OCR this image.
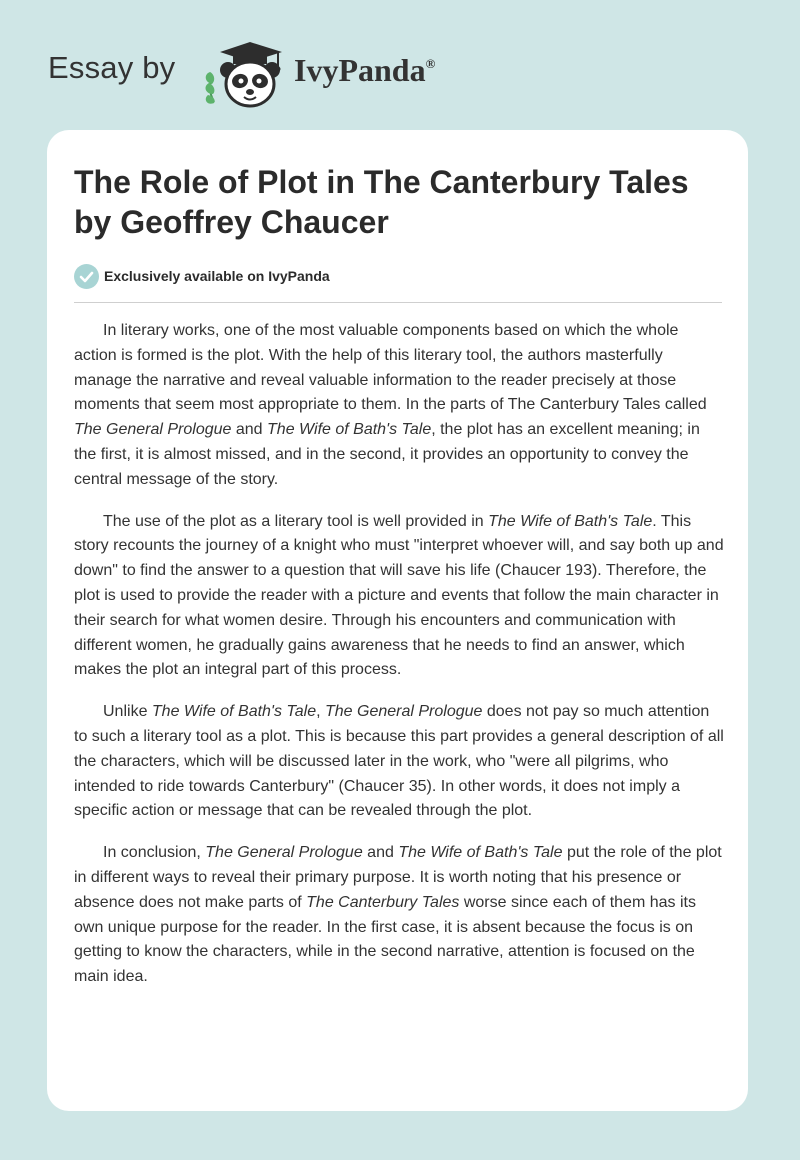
Essay by	IvyPanda®
The Role of Plot in The Canterbury Tales by Geoffrey Chaucer
Exclusively available on IvyPanda

In literary works, one of the most valuable components based on which the whole action is formed is the plot. With the help of this literary tool, the authors masterfully manage the narrative and reveal valuable information to the reader precisely at those moments that seem most appropriate to them. In the parts of The Canterbury Tales called The General Prologue and The Wife of Bath's Tale, the plot has an excellent meaning; in the first, it is almost missed, and in the second, it provides an opportunity to convey the central message of the story.

The use of the plot as a literary tool is well provided in The Wife of Bath's Tale. This story recounts the journey of a knight who must "interpret whoever will, and say both up and down" to find the answer to a question that will save his life (Chaucer 193). Therefore, the plot is used to provide the reader with a picture and events that follow the main character in their search for what women desire. Through his encounters and communication with different women, he gradually gains awareness that he needs to find an answer, which makes the plot an integral part of this process.

Unlike The Wife of Bath's Tale, The General Prologue does not pay so much attention to such a literary tool as a plot. This is because this part provides a general description of all the characters, which will be discussed later in the work, who "were all pilgrims, who intended to ride towards Canterbury" (Chaucer 35). In other words, it does not imply a specific action or message that can be revealed through the plot.

In conclusion, The General Prologue and The Wife of Bath's Tale put the role of the plot in different ways to reveal their primary purpose. It is worth noting that his presence or absence does not make parts of The Canterbury Tales worse since each of them has its own unique purpose for the reader. In the first case, it is absent because the focus is on getting to know the characters, while in the second narrative, attention is focused on the main idea.
